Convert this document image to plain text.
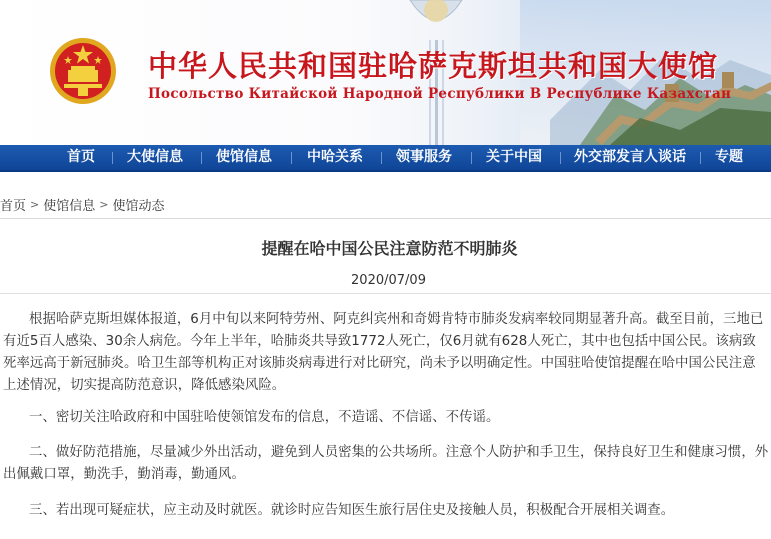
中华人民共和国驻哈萨克斯坦共和国大使馆
Посольство Китайской Народной Республики В Республике Казахстан
首页 大使信息 使馆信息	中哈关系 领事服务 关于中国 外交部发言人谈话 专题
首页 > 使馆信息 > 使馆动态
提醒在哈中国公民注意防范不明肺炎
2020/07/09

根据哈萨克斯坦媒体报道，6月中旬以来阿特劳州、阿克纠宾州和奇姆肯特市肺炎发病率较同期显著升高。截至目前，三地已有近5百人感染、30余人病危。今年上半年，哈肺炎共导致1772人死亡，仅6月就有628人死亡，其中也包括中国公民。该病致死率远高于新冠肺炎。哈卫生部等机构正对该肺炎病毒进行对比研究，尚未予以明确定性。中国驻哈使馆提醒在哈中国公民注意上述情况，切实提高防范意识，降低感染风险。

一、密切关注哈政府和中国驻哈使领馆发布的信息，不造谣、不信谣、不传谣。

二、做好防范措施，尽量减少外出活动，避免到人员密集的公共场所。注意个人防护和手卫生，保持良好卫生和健康习惯，外出佩戴口罩，勤洗手，勤消毒，勤通风。

三、若出现可疑症状，应主动及时就医。就诊时应告知医生旅行居住史及接触人员，积极配合开展相关调查。
